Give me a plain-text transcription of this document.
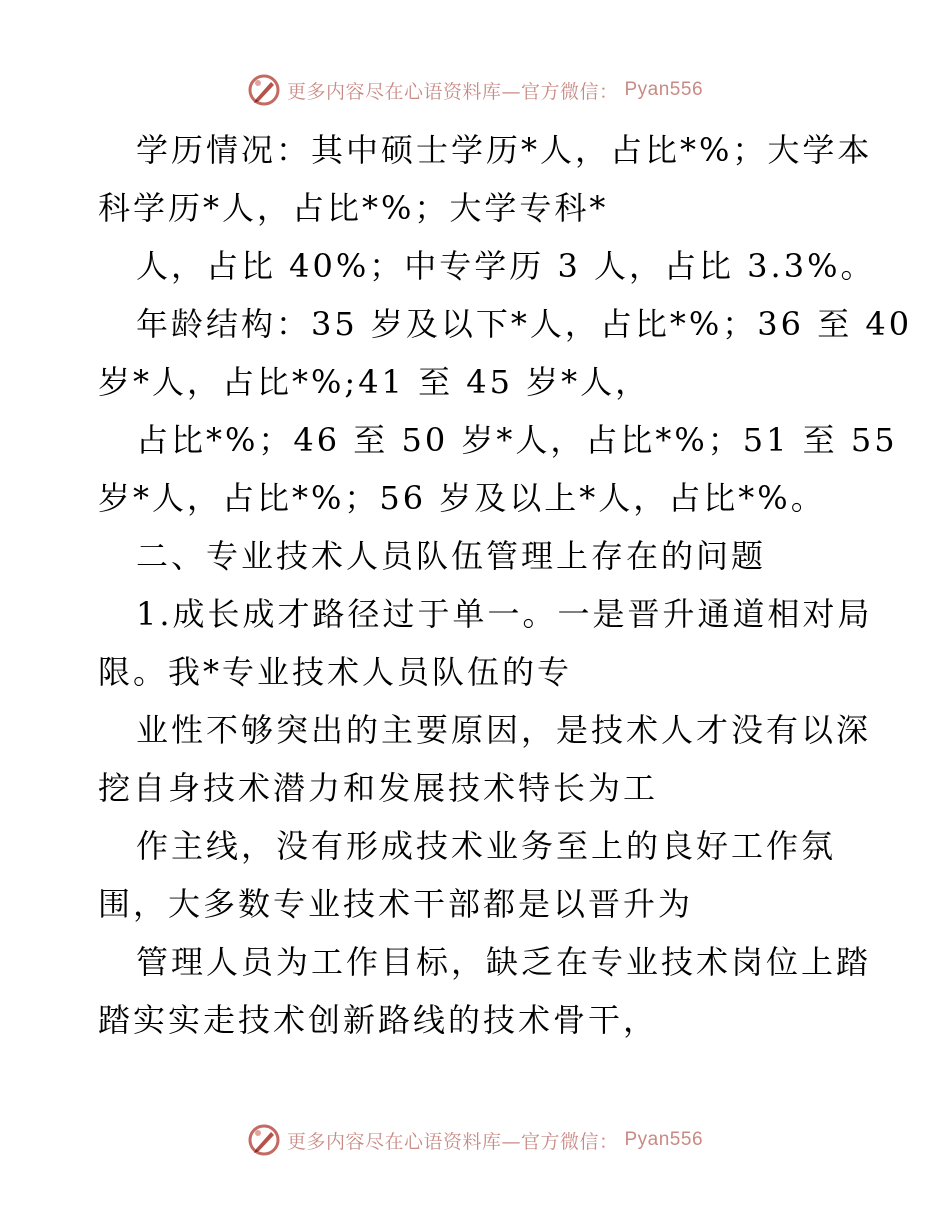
更多内容尽在心语资料库—官方微信： Pyan556
学历情况：其中硕士学历*人，占比*%；大学本
科学历*人，占比*%；大学专科*
人，占比 40%；中专学历 3 人，占比 3.3%。
年龄结构：35 岁及以下*人，占比*%；36 至 40
岁*人，占比*%;41 至 45 岁*人，
占比*%；46 至 50 岁*人，占比*%；51 至 55
岁*人，占比*%；56 岁及以上*人，占比*%。
二、专业技术人员队伍管理上存在的问题
1.成长成才路径过于单一。一是晋升通道相对局
限。我*专业技术人员队伍的专
业性不够突出的主要原因，是技术人才没有以深
挖自身技术潜力和发展技术特长为工
作主线，没有形成技术业务至上的良好工作氛
围，大多数专业技术干部都是以晋升为
管理人员为工作目标，缺乏在专业技术岗位上踏
踏实实走技术创新路线的技术骨干，
更多内容尽在心语资料库—官方微信： Pyan556
